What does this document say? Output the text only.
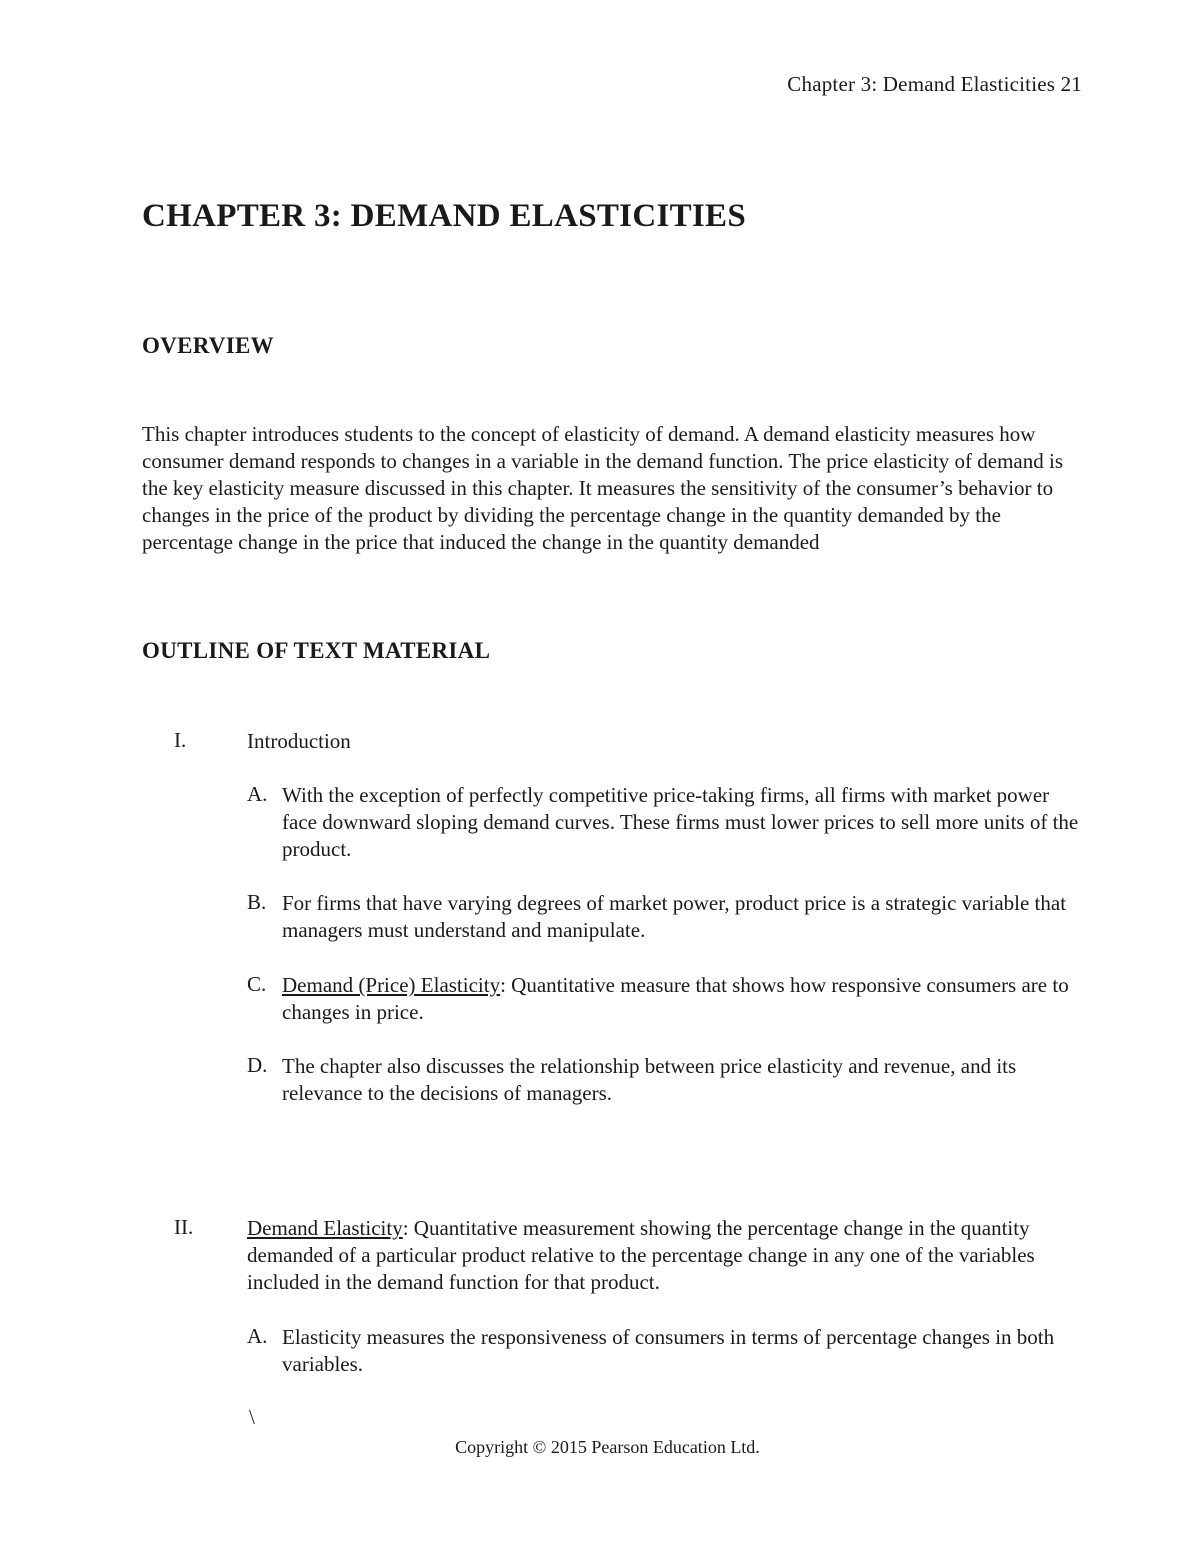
Chapter 3: Demand Elasticities 21
CHAPTER 3: DEMAND ELASTICITIES
OVERVIEW

This chapter introduces students to the concept of elasticity of demand. A demand elasticity measures how consumer demand responds to changes in a variable in the demand function. The price elasticity of demand is the key elasticity measure discussed in this chapter. It measures the sensitivity of the consumer’s behavior to changes in the price of the product by dividing the percentage change in the quantity demanded by the percentage change in the price that induced the change in the quantity demanded

OUTLINE OF TEXT MATERIAL
I.	Introduction

A. With the exception of perfectly competitive price-taking firms, all firms with market power face downward sloping demand curves. These firms must lower prices to sell more units of the product.

B. For firms that have varying degrees of market power, product price is a strategic variable that managers must understand and manipulate.

C. Demand (Price) Elasticity: Quantitative measure that shows how responsive consumers are to changes in price.

D. The chapter also discusses the relationship between price elasticity and revenue, and its relevance to the decisions of managers.

II.	Demand Elasticity: Quantitative measurement showing the percentage change in the quantity demanded of a particular product relative to the percentage change in any one of the variables included in the demand function for that product.

A. Elasticity measures the responsiveness of consumers in terms of percentage changes in both variables.

\
Copyright © 2015 Pearson Education Ltd.
